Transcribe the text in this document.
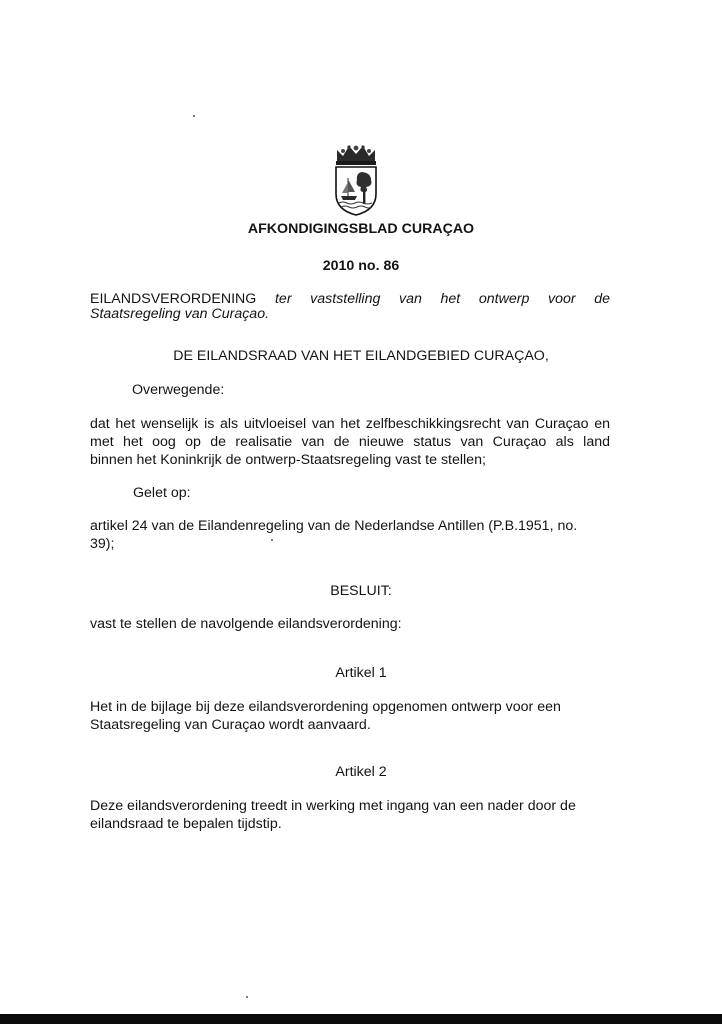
AFKONDIGINGSBLAD CURAÇAO

2010 no. 86

EILANDSVERORDENING ter vaststelling van het ontwerp voor de

Staatsregeling van Curaçao.

DE EILANDSRAAD VAN HET EILANDGEBIED CURAÇAO,

Overwegende:

dat het wenselijk is als uitvloeisel van het zelfbeschikkingsrecht van Curaçao en

met het oog op de realisatie van de nieuwe status van Curaçao als land

binnen het Koninkrijk de ontwerp-Staatsregeling vast te stellen;

Gelet op:

artikel 24 van de Eilandenregeling van de Nederlandse Antillen (P.B.1951, no.

39);

BESLUIT:

vast te stellen de navolgende eilandsverordening:

Artikel 1

Het in de bijlage bij deze eilandsverordening opgenomen ontwerp voor een

Staatsregeling van Curaçao wordt aanvaard.

Artikel 2

Deze eilandsverordening treedt in werking met ingang van een nader door de

eilandsraad te bepalen tijdstip.
